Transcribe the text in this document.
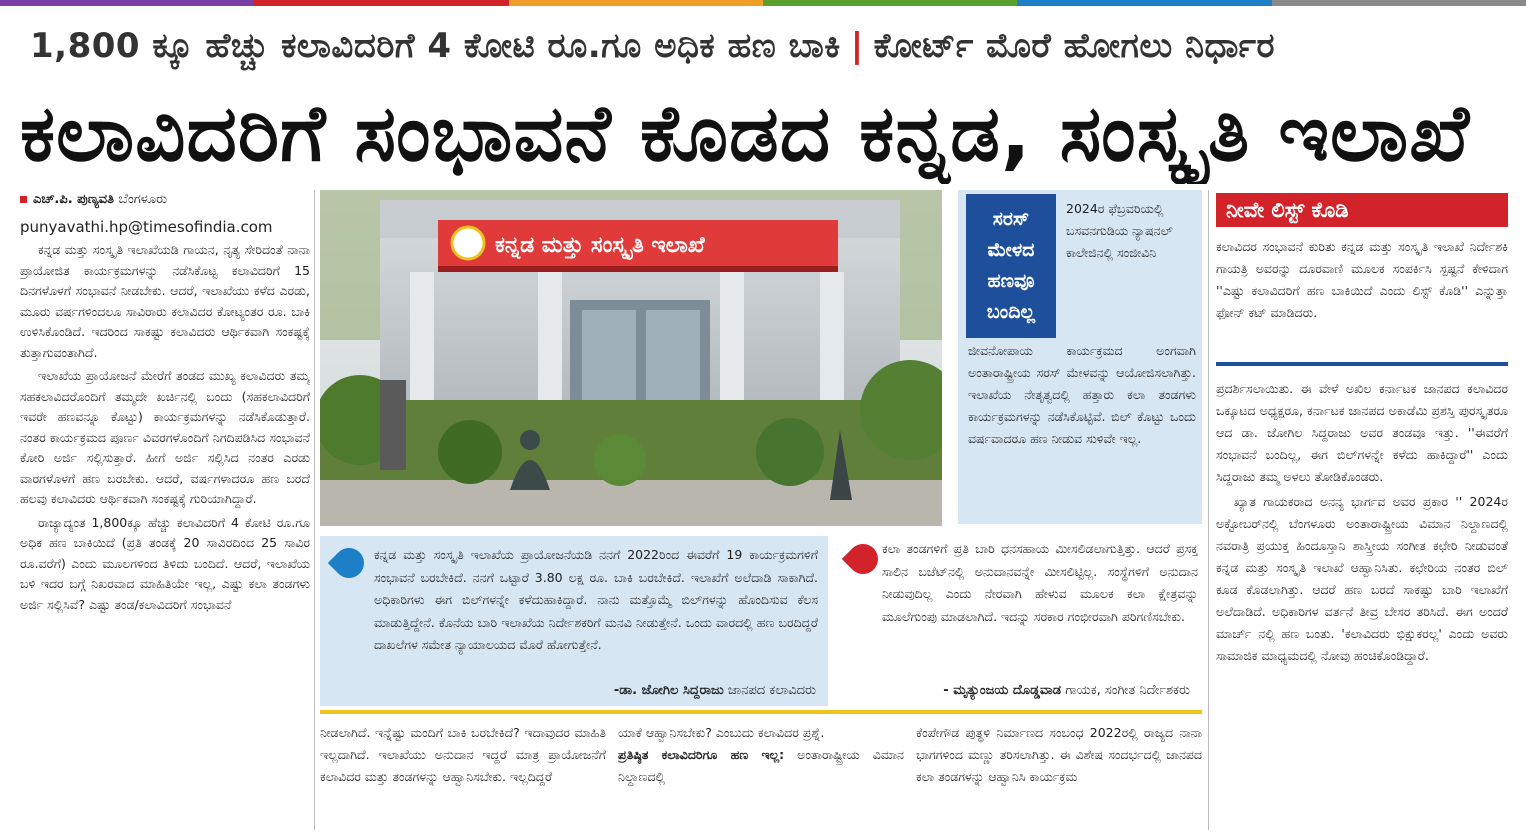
1,800 ಕ್ಕೂ ಹೆಚ್ಚು ಕಲಾವಿದರಿಗೆ 4 ಕೋಟಿ ರೂ.ಗೂ ಅಧಿಕ ಹಣ ಬಾಕಿ | ಕೋರ್ಟ್ ಮೊರೆ ಹೋಗಲು ನಿರ್ಧಾರ
ಕಲಾವಿದರಿಗೆ ಸಂಭಾವನೆ ಕೊಡದ ಕನ್ನಡ, ಸಂಸ್ಕೃತಿ ಇಲಾಖೆ
ಎಚ್.ಪಿ. ಪುಣ್ಯವತಿ ಬೆಂಗಳೂರು
punyavathi.hp@timesofindia.com

ಕನ್ನಡ ಮತ್ತು ಸಂಸ್ಕೃತಿ ಇಲಾಖೆಯಡಿ ಗಾಯನ, ನೃತ್ಯ ಸೇರಿದಂತೆ ನಾನಾ ಪ್ರಾಯೋಜಿತ ಕಾರ್ಯಕ್ರಮಗಳನ್ನು ನಡೆಸಿಕೊಟ್ಟ ಕಲಾವಿದರಿಗೆ 15 ದಿನಗಳೊಳಗೆ ಸಂಭಾವನೆ ನೀಡಬೇಕು. ಆದರೆ, ಇಲಾಖೆಯು ಕಳೆದ ಎರಡು, ಮೂರು ವರ್ಷಗಳಿಂದಲೂ ಸಾವಿರಾರು ಕಲಾವಿದರ ಕೋಟ್ಯಂತರ ರೂ. ಬಾಕಿ ಉಳಿಸಿಕೊಂಡಿದೆ. ಇದರಿಂದ ಸಾಕಷ್ಟು ಕಲಾವಿದರು ಆರ್ಥಿಕವಾಗಿ ಸಂಕಷ್ಟಕ್ಕೆ ತುತ್ತಾಗುವಂತಾಗಿದೆ.

ಇಲಾಖೆಯ ಪ್ರಾಯೋಜನೆ ಮೇರೆಗೆ ತಂಡದ ಮುಖ್ಯ ಕಲಾವಿದರು ತಮ್ಮ ಸಹಕಲಾವಿದರೊಂದಿಗೆ ತಮ್ಮದೇ ಖರ್ಚಿನಲ್ಲಿ ಬಂದು (ಸಹಕಲಾವಿದರಿಗೆ ಇವರೇ ಹಣವನ್ನೂ ಕೊಟ್ಟು) ಕಾರ್ಯಕ್ರಮಗಳನ್ನು ನಡೆಸಿಕೊಡುತ್ತಾರೆ. ನಂತರ ಕಾರ್ಯಕ್ರಮದ ಪೂರ್ಣ ವಿವರಗಳೊಂದಿಗೆ ನಿಗದಿಪಡಿಸಿದ ಸಂಭಾವನೆ ಕೋರಿ ಅರ್ಜಿ ಸಲ್ಲಿಸುತ್ತಾರೆ. ಹೀಗೆ ಅರ್ಜಿ ಸಲ್ಲಿಸಿದ ನಂತರ ಎರಡು ವಾರಗಳೊಳಗೆ ಹಣ ಬರಬೇಕು. ಆದರೆ, ವರ್ಷಗಳಾದರೂ ಹಣ ಬರದೆ ಹಲವು ಕಲಾವಿದರು ಆರ್ಥಿಕವಾಗಿ ಸಂಕಷ್ಟಕ್ಕೆ ಗುರಿಯಾಗಿದ್ದಾರೆ.

ರಾಜ್ಯಾದ್ಯಂತ 1,800ಕ್ಕೂ ಹೆಚ್ಚು ಕಲಾವಿದರಿಗೆ 4 ಕೋಟಿ ರೂ.ಗೂ ಅಧಿಕ ಹಣ ಬಾಕಿಯಿದೆ (ಪ್ರತಿ ತಂಡಕ್ಕೆ 20 ಸಾವಿರದಿಂದ 25 ಸಾವಿರ ರೂ.ವರೆಗೆ) ಎಂದು ಮೂಲಗಳಿಂದ ತಿಳಿದು ಬಂದಿದೆ. ಆದರೆ, ಇಲಾಖೆಯ ಬಳಿ ಇದರ ಬಗ್ಗೆ ನಿಖರವಾದ ಮಾಹಿತಿಯೇ ಇಲ್ಲ, ಎಷ್ಟು ಕಲಾ ತಂಡಗಳು ಅರ್ಜಿ ಸಲ್ಲಿಸಿವೆ? ಎಷ್ಟು ತಂಡ/ಕಲಾವಿದರಿಗೆ ಸಂಭಾವನೆ

ಕನ್ನಡ ಮತ್ತು ಸಂಸ್ಕೃತಿ ಇಲಾಖೆ
ಸರಸ್
ಮೇಳದ
ಹಣವೂ
ಬಂದಿಲ್ಲ
2024ರ ಫೆಬ್ರವರಿಯಲ್ಲಿ ಬಸವನಗುಡಿಯ ನ್ಯಾಷನಲ್ ಕಾಲೇಜಿನಲ್ಲಿ ಸಂಜೀವಿನಿ
ಜೀವನೋಪಾಯ ಕಾರ್ಯಕ್ರಮದ ಅಂಗವಾಗಿ ಅಂತಾರಾಷ್ಟ್ರೀಯ ಸರಸ್ ಮೇಳವನ್ನು ಆಯೋಜಿಸಲಾಗಿತ್ತು. ಇಲಾಖೆಯ ನೇತೃತ್ವದಲ್ಲಿ ಹತ್ತಾರು ಕಲಾ ತಂಡಗಳು ಕಾರ್ಯಕ್ರಮಗಳನ್ನು ನಡೆಸಿಕೊಟ್ಟಿವೆ. ಬಿಲ್ ಕೊಟ್ಟು ಒಂದು ವರ್ಷವಾದರೂ ಹಣ ನೀಡುವ ಸುಳಿವೇ ಇಲ್ಲ.
ಕನ್ನಡ ಮತ್ತು ಸಂಸ್ಕೃತಿ ಇಲಾಖೆಯ ಪ್ರಾಯೋಜನೆಯಡಿ ನನಗೆ 2022ರಿಂದ ಈವರೆಗೆ 19 ಕಾರ್ಯಕ್ರಮಗಳಿಗೆ ಸಂಭಾವನೆ ಬರಬೇಕಿದೆ. ನನಗೆ ಒಟ್ಟಾರೆ 3.80 ಲಕ್ಷ ರೂ. ಬಾಕಿ ಬರಬೇಕಿದೆ. ಇಲಾಖೆಗೆ ಅಲೆದಾಡಿ ಸಾಕಾಗಿದೆ. ಅಧಿಕಾರಿಗಳು ಈಗ ಬಿಲ್‌ಗಳನ್ನೇ ಕಳೆದುಹಾಕಿದ್ದಾರೆ. ನಾನು ಮತ್ತೊಮ್ಮೆ ಬಿಲ್‌ಗಳನ್ನು ಹೊಂದಿಸುವ ಕೆಲಸ ಮಾಡುತ್ತಿದ್ದೇನೆ. ಕೊನೆಯ ಬಾರಿ ಇಲಾಖೆಯ ನಿರ್ದೇಶಕರಿಗೆ ಮನವಿ ನೀಡುತ್ತೇನೆ. ಒಂದು ವಾರದಲ್ಲಿ ಹಣ ಬರದಿದ್ದರೆ ದಾಖಲೆಗಳ ಸಮೇತ ನ್ಯಾಯಾಲಯದ ಮೊರೆ ಹೋಗುತ್ತೇನೆ.
-ಡಾ. ಜೋಗಿಲ ಸಿದ್ದರಾಜು ಜಾನಪದ ಕಲಾವಿದರು
ಕಲಾ ತಂಡಗಳಿಗೆ ಪ್ರತಿ ಬಾರಿ ಧನಸಹಾಯ ಮೀಸಲಿಡಲಾಗುತ್ತಿತ್ತು. ಆದರೆ ಪ್ರಸಕ್ತ ಸಾಲಿನ ಬಜೆಟ್‌ನಲ್ಲಿ ಅನುದಾನವನ್ನೇ ಮೀಸಲಿಟ್ಟಿಲ್ಲ. ಸಂಸ್ಥೆಗಳಿಗೆ ಅನುದಾನ ನೀಡುವುದಿಲ್ಲ ಎಂದು ನೇರವಾಗಿ ಹೇಳುವ ಮೂಲಕ ಕಲಾ ಕ್ಷೇತ್ರವನ್ನು ಮೂಲೆಗುಂಪು ಮಾಡಲಾಗಿದೆ. ಇದನ್ನು ಸರಕಾರ ಗಂಭೀರವಾಗಿ ಪರಿಗಣಿಸಬೇಕು.
- ಮೃತ್ಯುಂಜಯ ದೊಡ್ಡವಾಡ ಗಾಯಕ, ಸಂಗೀತ ನಿರ್ದೇಶಕರು
ನೀಡಲಾಗಿದೆ. ಇನ್ನೆಷ್ಟು ಮಂದಿಗೆ ಬಾಕಿ ಬರಬೇಕಿದೆ? ಇದಾವುದರ ಮಾಹಿತಿ ಇಲ್ಲದಾಗಿದೆ. ಇಲಾಖೆಯು ಅನುದಾನ ಇದ್ದರೆ ಮಾತ್ರ ಪ್ರಾಯೋಜನೆಗೆ ಕಲಾವಿದರ ಮತ್ತು ತಂಡಗಳನ್ನು ಆಹ್ವಾನಿಸಬೇಕು. ಇಲ್ಲದಿದ್ದರೆ
ಯಾಕೆ ಆಹ್ವಾನಿಸಬೇಕು? ಎಂಬುದು ಕಲಾವಿದರ ಪ್ರಶ್ನೆ.
ಪ್ರತಿಷ್ಠಿತ ಕಲಾವಿದರಿಗೂ ಹಣ ಇಲ್ಲ: ಅಂತಾರಾಷ್ಟ್ರೀಯ ವಿಮಾನ ನಿಲ್ದಾಣದಲ್ಲಿ
ಕೆಂಪೇಗೌಡ ಪುತ್ಥಳಿ ನಿರ್ಮಾಣದ ಸಂಬಂಧ 2022ರಲ್ಲಿ ರಾಜ್ಯದ ನಾನಾ ಭಾಗಗಳಿಂದ ಮಣ್ಣು ತರಿಸಲಾಗಿತ್ತು. ಈ ವಿಶೇಷ ಸಂದರ್ಭದಲ್ಲಿ ಜಾನಪದ ಕಲಾ ತಂಡಗಳನ್ನು ಆಹ್ವಾನಿಸಿ ಕಾರ್ಯಕ್ರಮ
ನೀವೇ ಲಿಸ್ಟ್ ಕೊಡಿ
ಕಲಾವಿದರ ಸಂಭಾವನೆ ಕುರಿತು ಕನ್ನಡ ಮತ್ತು ಸಂಸ್ಕೃತಿ ಇಲಾಖೆ ನಿರ್ದೇಶಕಿ ಗಾಯತ್ರಿ ಅವರನ್ನು ದೂರವಾಣಿ ಮೂಲಕ ಸಂಪರ್ಕಿಸಿ ಸ್ಪಷ್ಟನೆ ಕೇಳಿದಾಗ ''ಎಷ್ಟು ಕಲಾವಿದರಿಗೆ ಹಣ ಬಾಕಿಯಿದೆ ಎಂದು ಲಿಸ್ಟ್ ಕೊಡಿ'' ಎನ್ನುತ್ತಾ ಫೋನ್ ಕಟ್ ಮಾಡಿದರು.

ಪ್ರದರ್ಶಿಸಲಾಯಿತು. ಈ ವೇಳೆ ಅಖಿಲ ಕರ್ನಾಟಕ ಜಾನಪದ ಕಲಾವಿದರ ಒಕ್ಕೂಟದ ಅಧ್ಯಕ್ಷರೂ, ಕರ್ನಾಟಕ ಜಾನಪದ ಅಕಾಡೆಮಿ ಪ್ರಶಸ್ತಿ ಪುರಸ್ಕೃತರೂ ಆದ ಡಾ. ಜೋಗಿಲ ಸಿದ್ದರಾಜು ಅವರ ತಂಡವೂ ಇತ್ತು. ''ಈವರೆಗೆ ಸಂಭಾವನೆ ಬಂದಿಲ್ಲ, ಈಗ ಬಿಲ್‌ಗಳನ್ನೇ ಕಳೆದು ಹಾಕಿದ್ದಾರೆ'' ಎಂದು ಸಿದ್ದರಾಜು ತಮ್ಮ ಅಳಲು ತೋಡಿಕೊಂಡರು.

ಖ್ಯಾತ ಗಾಯಕರಾದ ಅನನ್ಯ ಭಾರ್ಗವ ಅವರ ಪ್ರಕಾರ '' 2024ರ ಅಕ್ಟೋಬರ್‌ನಲ್ಲಿ ಬೆಂಗಳೂರು ಅಂತಾರಾಷ್ಟ್ರೀಯ ವಿಮಾನ ನಿಲ್ದಾಣದಲ್ಲಿ ನವರಾತ್ರಿ ಪ್ರಯುಕ್ತ ಹಿಂದೂಸ್ತಾನಿ ಶಾಸ್ತ್ರೀಯ ಸಂಗೀತ ಕಛೇರಿ ನೀಡುವಂತೆ ಕನ್ನಡ ಮತ್ತು ಸಂಸ್ಕೃತಿ ಇಲಾಖೆ ಆಹ್ವಾನಿಸಿತು. ಕಛೇರಿಯ ನಂತರ ಬಿಲ್ ಕೂಡ ಕೊಡಲಾಗಿತ್ತು. ಆದರೆ ಹಣ ಬರದೆ ಸಾಕಷ್ಟು ಬಾರಿ ಇಲಾಖೆಗೆ ಅಲೆದಾಡಿದೆ. ಅಧಿಕಾರಿಗಳ ವರ್ತನೆ ತೀವ್ರ ಬೇಸರ ತರಿಸಿದೆ. ಈಗ ಅಂದರೆ ಮಾರ್ಚ್ ನಲ್ಲಿ ಹಣ ಬಂತು. 'ಕಲಾವಿದರು ಭಿಕ್ಷುಕರಲ್ಲ' ಎಂದು ಅವರು ಸಾಮಾಜಿಕ ಮಾಧ್ಯಮದಲ್ಲಿ ನೋವು ಹಂಚಿಕೊಂಡಿದ್ದಾರೆ.
